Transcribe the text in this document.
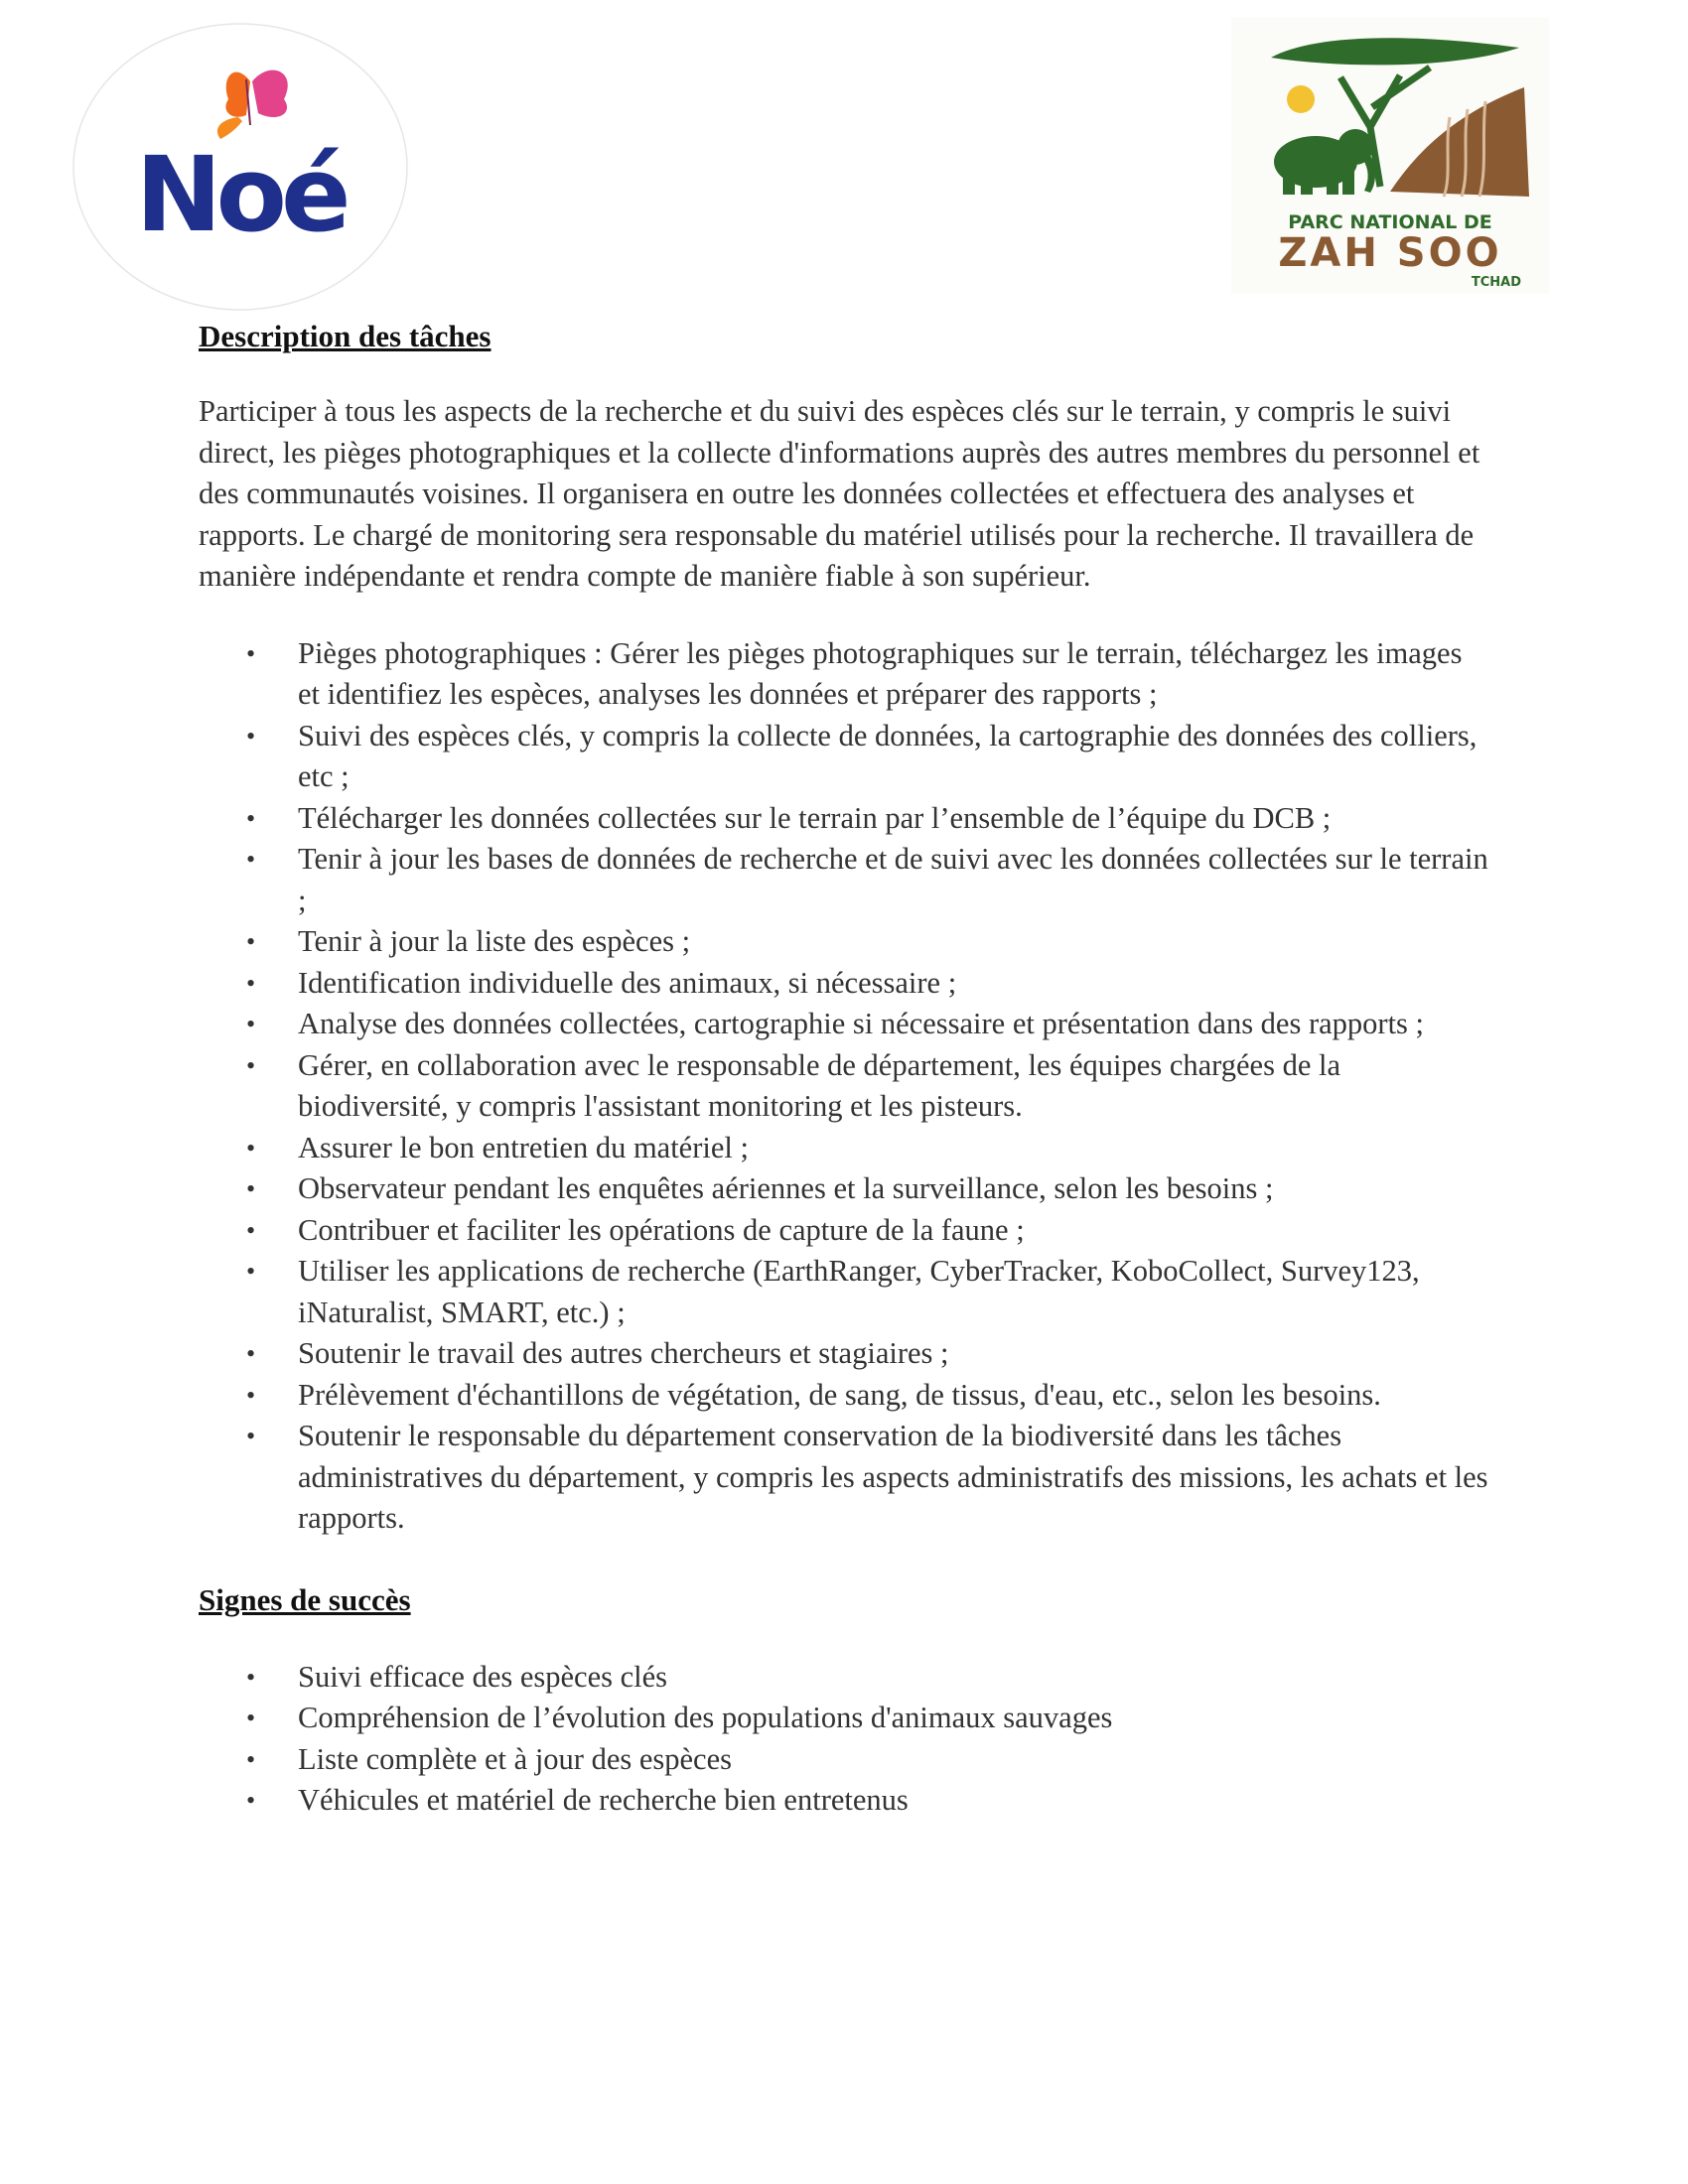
Noé	PARC NATIONAL DE
ZAH SOO
TCHAD
Description des tâches

Participer à tous les aspects de la recherche et du suivi des espèces clés sur le terrain, y compris le suivi direct, les pièges photographiques et la collecte d'informations auprès des autres membres du personnel et des communautés voisines. Il organisera en outre les données collectées et effectuera des analyses et rapports. Le chargé de monitoring sera responsable du matériel utilisés pour la recherche. Il travaillera de manière indépendante et rendra compte de manière fiable à son supérieur.

• Pièges photographiques : Gérer les pièges photographiques sur le terrain, téléchargez les images et identifiez les espèces, analyses les données et préparer des rapports ;
• Suivi des espèces clés, y compris la collecte de données, la cartographie des données des colliers, etc ;
• Télécharger les données collectées sur le terrain par l’ensemble de l’équipe du DCB ;
• Tenir à jour les bases de données de recherche et de suivi avec les données collectées sur le terrain ;
• Tenir à jour la liste des espèces ;
• Identification individuelle des animaux, si nécessaire ;
• Analyse des données collectées, cartographie si nécessaire et présentation dans des rapports ;
• Gérer, en collaboration avec le responsable de département, les équipes chargées de la biodiversité, y compris l'assistant monitoring et les pisteurs.
• Assurer le bon entretien du matériel ;
• Observateur pendant les enquêtes aériennes et la surveillance, selon les besoins ;
• Contribuer et faciliter les opérations de capture de la faune ;
• Utiliser les applications de recherche (EarthRanger, CyberTracker, KoboCollect, Survey123, iNaturalist, SMART, etc.) ;
• Soutenir le travail des autres chercheurs et stagiaires ;
• Prélèvement d'échantillons de végétation, de sang, de tissus, d'eau, etc., selon les besoins.
• Soutenir le responsable du département conservation de la biodiversité dans les tâches administratives du département, y compris les aspects administratifs des missions, les achats et les rapports.
Signes de succès
• Suivi efficace des espèces clés
• Compréhension de l’évolution des populations d'animaux sauvages
• Liste complète et à jour des espèces
• Véhicules et matériel de recherche bien entretenus
